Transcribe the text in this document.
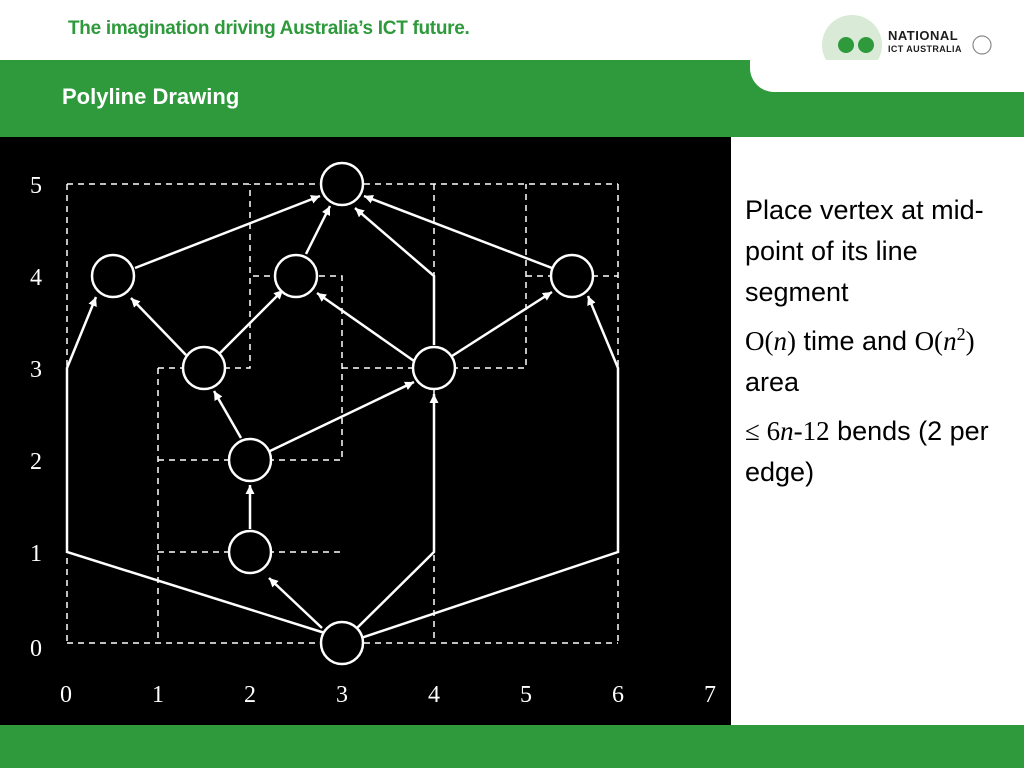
The imagination driving Australia’s ICT future.	NATIONAL
ICT AUSTRALIA
Polyline Drawing
5
4
3
2
1
0
0	1	2	3	4	5	6	7

Place vertex at mid-point of its line segment

O(n) time and $O(n^2)$ area

≤ 6n-12 bends (2 per edge)
